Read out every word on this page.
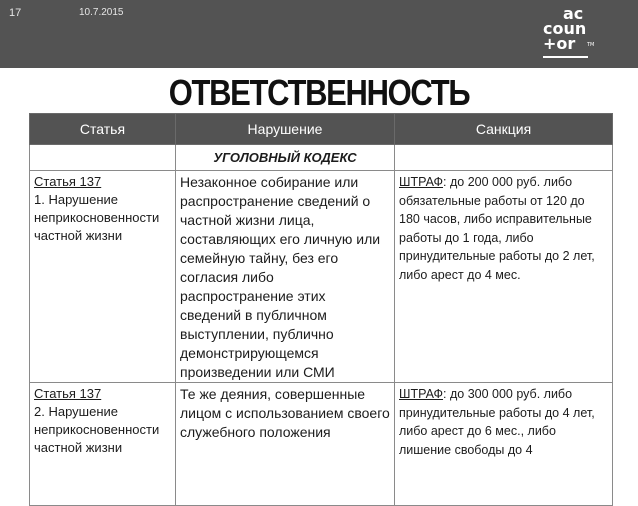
17	10.7.2015	ac
coun
+or TM
ОТВЕТСТВЕННОСТЬ
Статья	Нарушение	Санкция
	УГОЛОВНЫЙ КОДЕКС	

Статья 137
1. Нарушение неприкосновенности частной жизни	Незаконное собирание или распространение сведений о частной жизни лица, составляющих его личную или семейную тайну, без его согласия либо распространение этих сведений в публичном выступлении, публично демонстрирующемся произведении или СМИ	ШТРАФ: до 200 000 руб. либо обязательные работы от 120 до 180 часов, либо исправительные работы до 1 года, либо принудительные работы до 2 лет, либо арест до 4 мес.

Статья 137
2. Нарушение неприкосновенности частной жизни	Те же деяния, совершенные лицом с использованием своего служебного положения	ШТРАФ: до 300 000 руб. либо принудительные работы до 4 лет, либо арест до 6 мес., либо лишение свободы до 4
